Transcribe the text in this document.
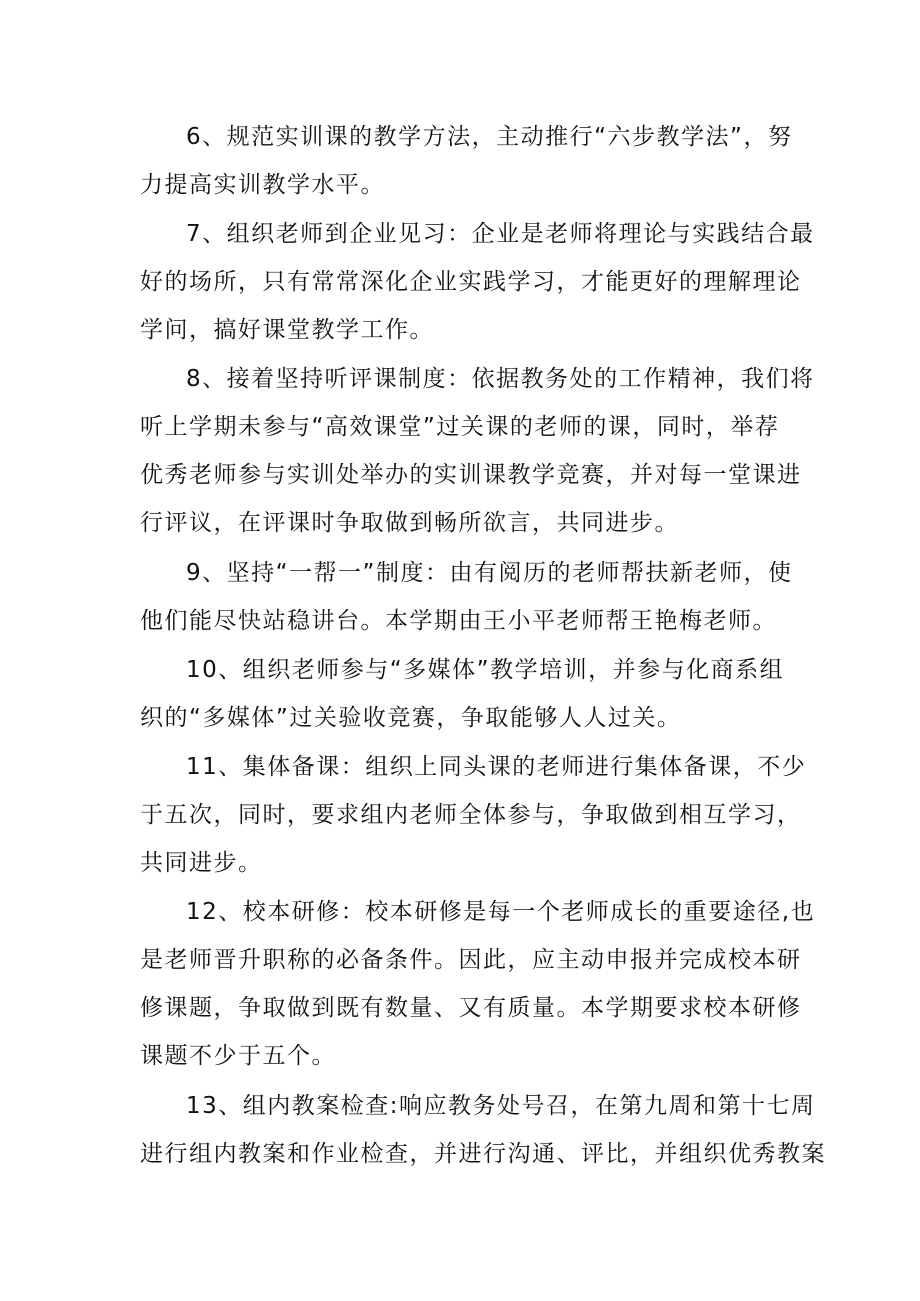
6、规范实训课的教学方法，主动推行“六步教学法”，努
力提高实训教学水平。
7、组织老师到企业见习：企业是老师将理论与实践结合最
好的场所，只有常常深化企业实践学习，才能更好的理解理论
学问，搞好课堂教学工作。
8、接着坚持听评课制度：依据教务处的工作精神，我们将
听上学期未参与“高效课堂”过关课的老师的课，同时，举荐
优秀老师参与实训处举办的实训课教学竞赛，并对每一堂课进
行评议，在评课时争取做到畅所欲言，共同进步。
9、坚持“一帮一”制度：由有阅历的老师帮扶新老师，使
他们能尽快站稳讲台。本学期由王小平老师帮王艳梅老师。
10、组织老师参与“多媒体”教学培训，并参与化商系组
织的“多媒体”过关验收竞赛，争取能够人人过关。
11、集体备课：组织上同头课的老师进行集体备课，不少
于五次，同时，要求组内老师全体参与，争取做到相互学习，
共同进步。
12、校本研修：校本研修是每一个老师成长的重要途径,也
是老师晋升职称的必备条件。因此，应主动申报并完成校本研
修课题，争取做到既有数量、又有质量。本学期要求校本研修
课题不少于五个。
13、组内教案检查:响应教务处号召，在第九周和第十七周
进行组内教案和作业检查，并进行沟通、评比，并组织优秀教案
